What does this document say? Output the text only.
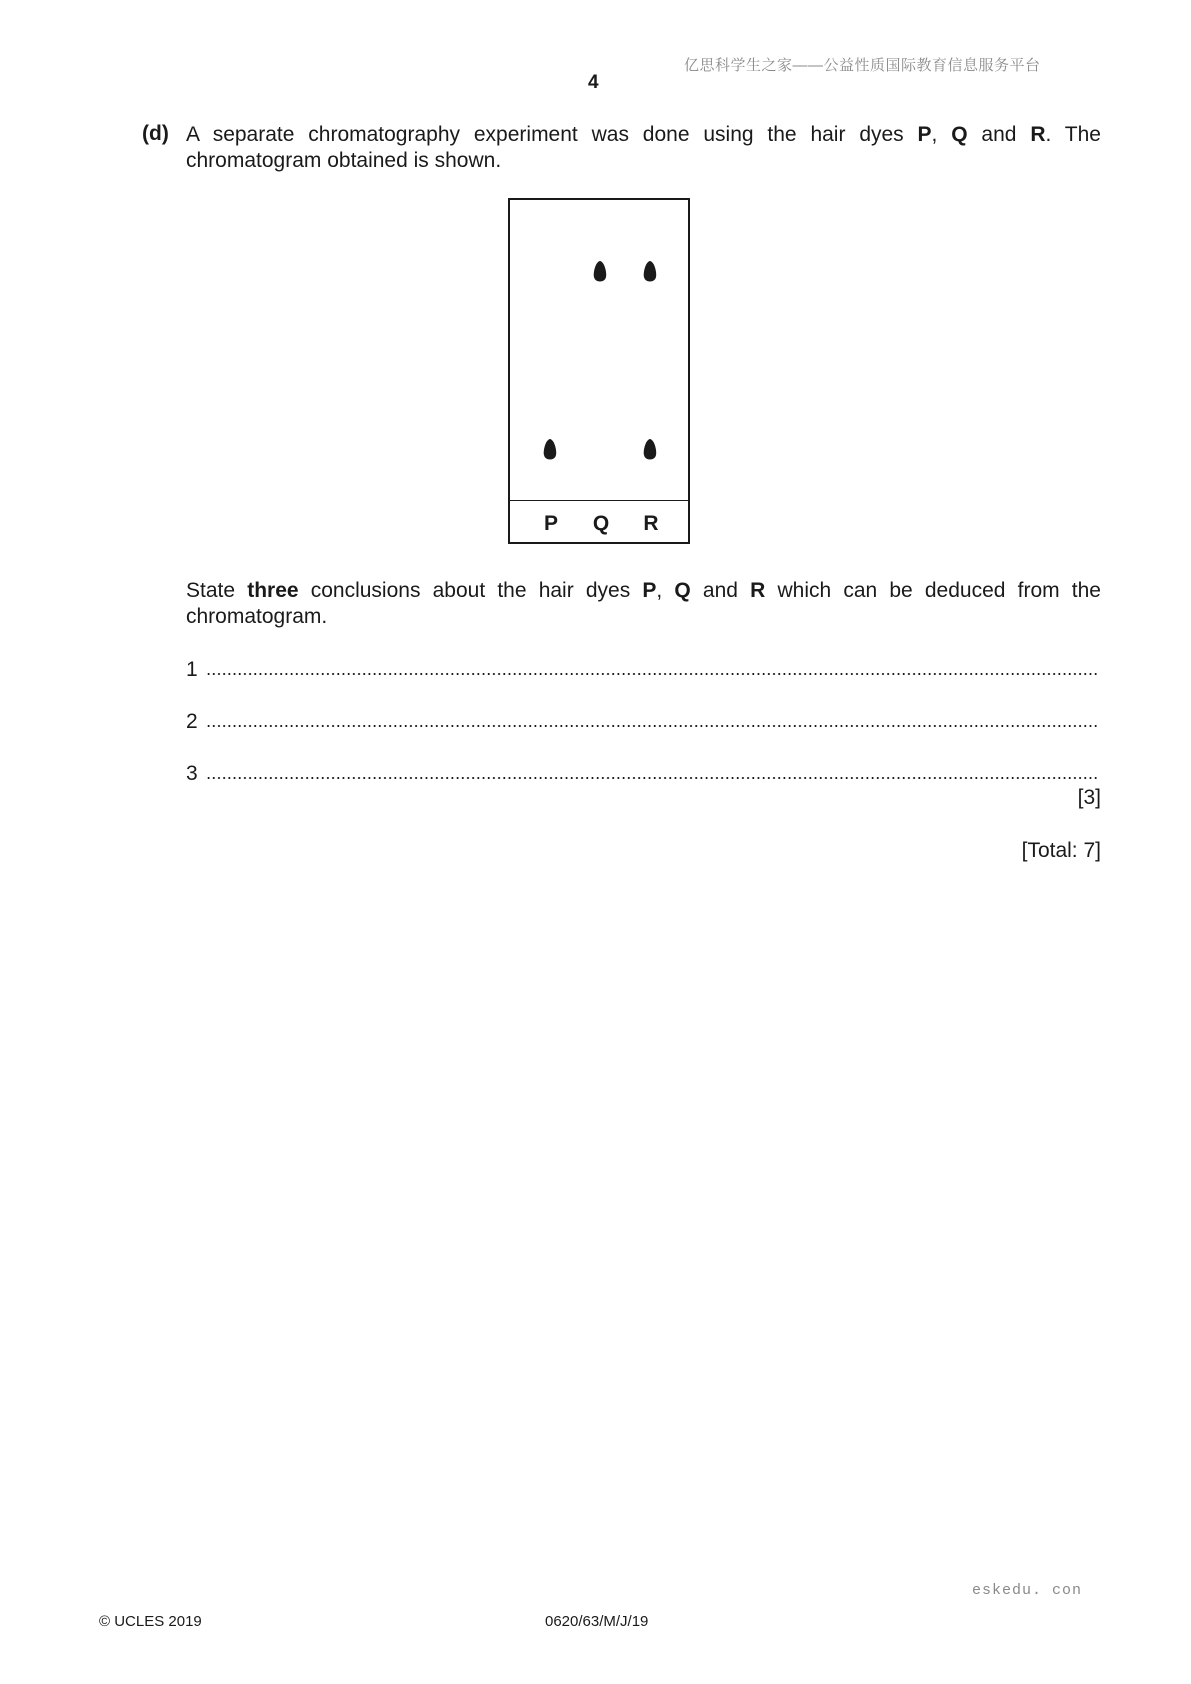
亿思科学生之家——公益性质国际教育信息服务平台
4
(d) A separate chromatography experiment was done using the hair dyes P, Q and R. The chromatogram obtained is shown.
P	Q	R
State three conclusions about the hair dyes P, Q and R which can be deduced from the chromatogram.
1
2
3
[3]
[Total: 7]
eskedu. con
© UCLES 2019	0620/63/M/J/19
